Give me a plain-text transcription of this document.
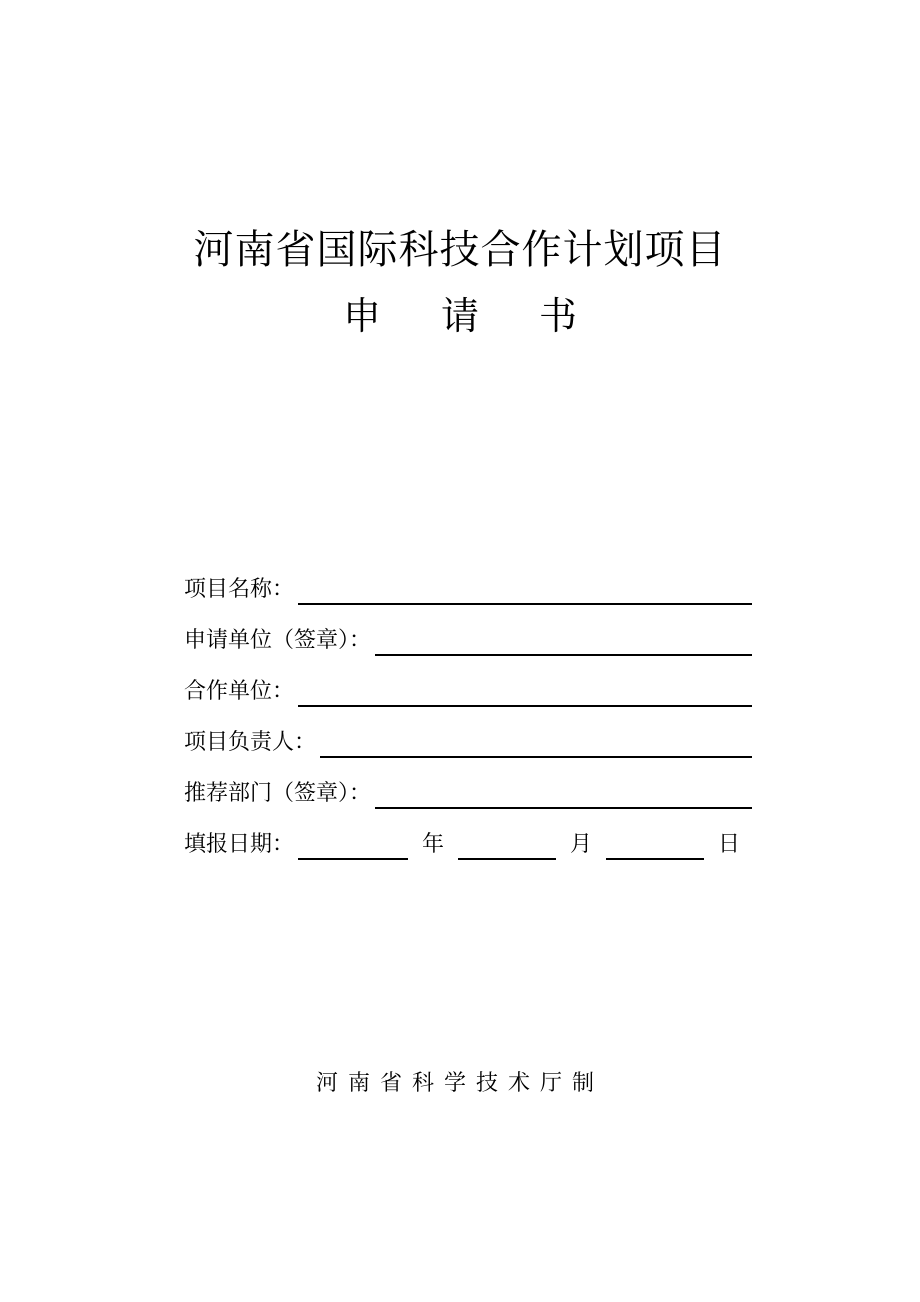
河南省国际科技合作计划项目
申 请 书
项目名称：
申请单位（签章）：
合作单位：
项目负责人：
推荐部门（签章）：
填报日期：	年	月	日
河南省科学技术厅制
